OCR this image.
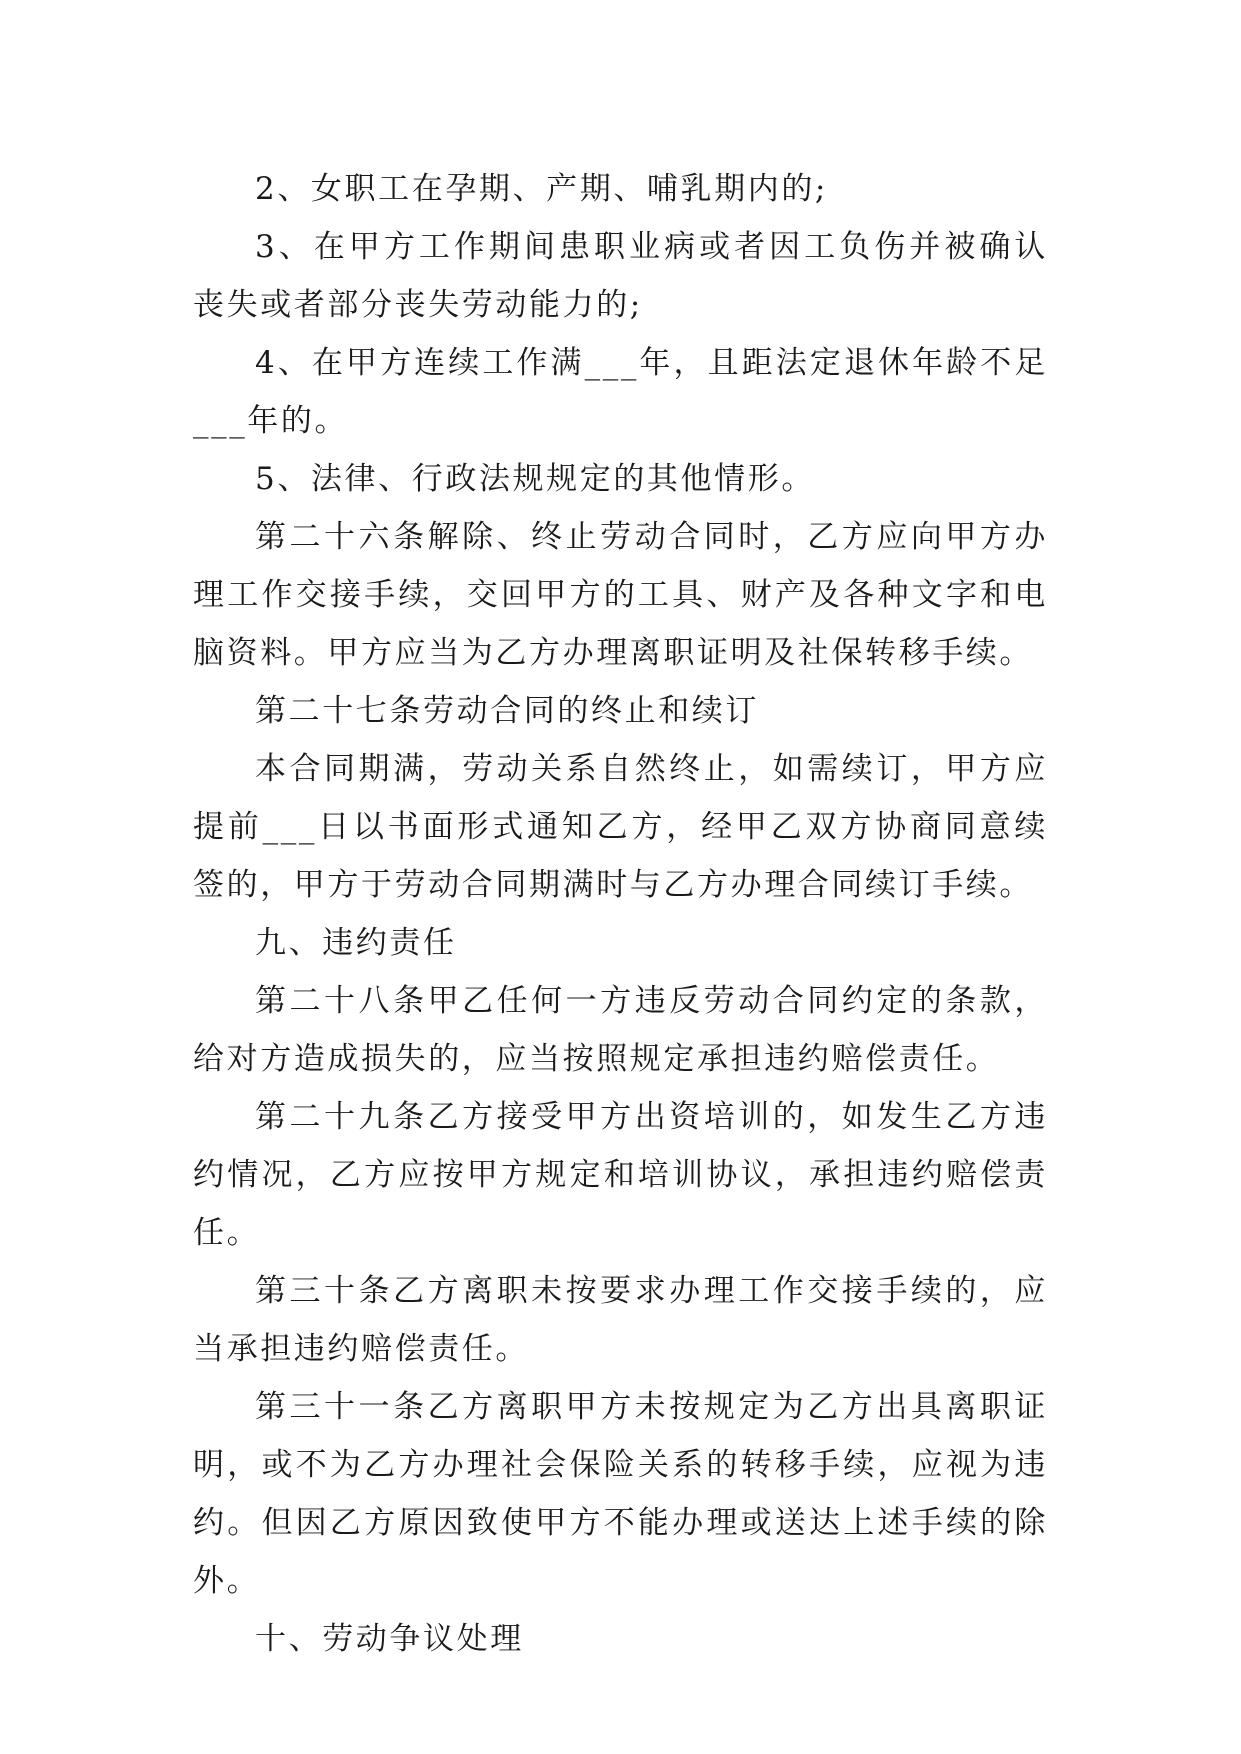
2、女职工在孕期、产期、哺乳期内的;

3、在甲方工作期间患职业病或者因工负伤并被确认丧失或者部分丧失劳动能力的;

4、在甲方连续工作满___年，且距法定退休年龄不足___年的。

5、法律、行政法规规定的其他情形。

第二十六条解除、终止劳动合同时，乙方应向甲方办理工作交接手续，交回甲方的工具、财产及各种文字和电脑资料。甲方应当为乙方办理离职证明及社保转移手续。

第二十七条劳动合同的终止和续订

本合同期满，劳动关系自然终止，如需续订，甲方应提前___日以书面形式通知乙方，经甲乙双方协商同意续签的，甲方于劳动合同期满时与乙方办理合同续订手续。

九、违约责任

第二十八条甲乙任何一方违反劳动合同约定的条款，给对方造成损失的，应当按照规定承担违约赔偿责任。

第二十九条乙方接受甲方出资培训的，如发生乙方违约情况，乙方应按甲方规定和培训协议，承担违约赔偿责任。

第三十条乙方离职未按要求办理工作交接手续的，应当承担违约赔偿责任。

第三十一条乙方离职甲方未按规定为乙方出具离职证明，或不为乙方办理社会保险关系的转移手续，应视为违约。但因乙方原因致使甲方不能办理或送达上述手续的除外。

十、劳动争议处理
